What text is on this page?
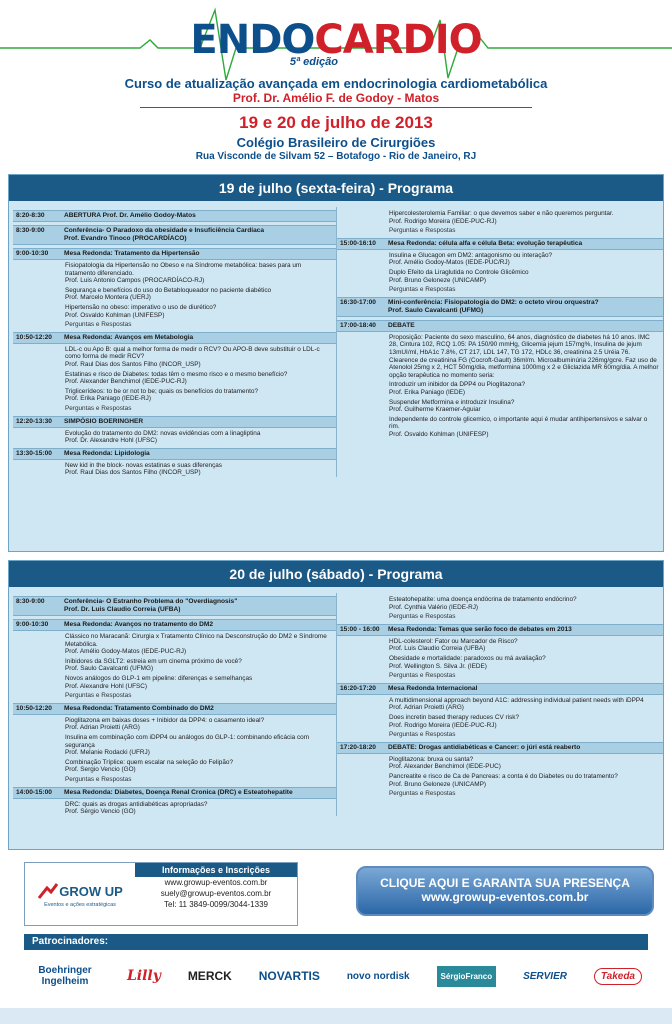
ENDOCARDIO
5ª edição
Curso de atualização avançada em endocrinologia cardiometabólica
Prof. Dr. Amélio F. de Godoy - Matos
19 e 20 de julho de 2013
Colégio Brasileiro de Cirurgiões
Rua Visconde de Silvam 52 – Botafogo - Rio de Janeiro, RJ
19 de julho (sexta-feira) - Programa
8:20-8:30	ABERTURA Prof. Dr. Amélio Godoy-Matos
8:30-9:00	Conferência- O Paradoxo da obesidade e Insuficiência Cardíaca
Prof. Evandro Tinoco (PROCARDÍACO)
9:00-10:30	Mesa Redonda: Tratamento da Hipertensão
Fisiopatologia da Hipertensão no Obeso e na Síndrome metabólica: bases para um tratamento diferenciado.
Prof. Luis Antonio Campos (PROCARDÍACO-RJ)
Segurança e benefícios do uso do Betabloqueador no paciente diabético
Prof. Marcelo Montera (UERJ)
Hipertensão no obeso: imperativo o uso de diurético?
Prof. Osvaldo Kohlman (UNIFESP)
Perguntas e Respostas
10:50-12:20	Mesa Redonda: Avanços em Metabologia
LDL-c ou Apo B: qual a melhor forma de medir o RCV? Ou APO-B deve substituir o LDL-c como forma de medir RCV?
Prof. Raul Dias dos Santos Filho (INCOR_USP)
Estatinas e risco de Diabetes: todas têm o mesmo risco e o mesmo benefício?
Prof. Alexander Benchimol (IEDE-PUC-RJ)
Triglicerídeos: to be or not to be; quais os benefícios do tratamento?
Prof. Erika Paniago (IEDE-RJ)
Perguntas e Respostas
12:20-13:30	SIMPÓSIO BOERINGHER
Evolução do tratamento do DM2: novas evidências com a linagliptina
Prof. Dr. Alexandre Hohl (UFSC)
13:30-15:00	Mesa Redonda: Lipidologia
New kid in the block- novas estatinas e suas diferenças
Prof. Raul Dias dos Santos Filho (INCOR_USP)
Hipercolesterolemia Familiar: o que devemos saber e não queremos perguntar.
Prof. Rodrigo Moreira (IEDE-PUC-RJ)
Perguntas e Respostas
15:00-16:10	Mesa Redonda: célula alfa e célula Beta: evolução terapêutica
Insulina e Glucagon em DM2: antagonismo ou interação?
Prof. Amélio Godoy-Matos (IEDE-PUC/RJ)
Duplo Efeito da Liraglutida no Controle Glicêmico
Prof. Bruno Geloneze (UNICAMP)
Perguntas e Respostas
16:30-17:00	Mini-conferência: Fisiopatologia do DM2: o octeto virou orquestra?
Prof. Saulo Cavalcanti (UFMG)
17:00-18:40	DEBATE
Proposição: Paciente do sexo masculino, 64 anos, diagnóstico de diabetes há 10 anos. IMC 28, Cintura 102, RCQ 1.05: PA 150/90 mmHg, Glicemia jejum 157mg%, Insulina de jejum 13mUI/ml, HbA1c 7.8%, CT 217, LDL 147, TG 172, HDLc 36, creatinina 2.5 Uréia 76. Clearence de creatinina FG (Cocroft-Gault) 36ml/m. Microalbuminúria 226mg/gcre. Faz uso de Atenolol 25mg x 2, HCT 50mg/dia, metformina 1000mg x 2 e Gliclazida MR 60mg/dia. A melhor opção terapêutica no momento seria:
Introduzir um inibidor da DPP4 ou Pioglitazona?
Prof. Erika Paniago (IEDE)
Suspender Metformina e introduzir Insulina?
Prof. Guilherme Kraemer-Aguiar
Independente do controle glicemico, o importante aqui é mudar antihipertensivos e salvar o rim.
Prof. Osvaldo Kohlman (UNIFESP)
20 de julho (sábado) - Programa
8:30-9:00	Conferência- O Estranho Problema do "Overdiagnosis"
Prof. Dr. Luis Claudio Correia (UFBA)
9:00-10:30	Mesa Redonda: Avanços no tratamento do DM2
Clássico no Maracanã: Cirurgia x Tratamento Clínico na Desconstrução do DM2 e Síndrome Metabólica.
Prof. Amélio Godoy-Matos (IEDE-PUC-RJ)
Inibidores da SGLT2: estreia em um cinema próximo de você?
Prof. Saulo Cavalcanti (UFMG)
Novos análogos do GLP-1 em pipeline: diferenças e semelhanças
Prof. Alexandre Hohl (UFSC)
Perguntas e Respostas
10:50-12:20	Mesa Redonda: Tratamento Combinado do DM2
Pioglitazona em baixas doses + Inibidor da DPP4: o casamento ideal?
Prof. Adrian Proietti (ARG)
Insulina em combinação com iDPP4 ou análogos do GLP-1: combinando eficácia com segurança
Prof. Melanie Rodacki (UFRJ)
Combinação Tríplice: quem escalar na seleção do Felipão?
Prof. Sergio Vencio (GO)
Perguntas e Respostas
14:00-15:00	Mesa Redonda: Diabetes, Doença Renal Cronica (DRC) e Esteatohepatite
DRC: quais as drogas antidiabéticas apropriadas?
Prof. Sérgio Vencio (GO)
Esteatohepatite: uma doença endócrina de tratamento endócrino?
Prof. Cynthia Valério (IEDE-RJ)
Perguntas e Respostas
15:00 - 16:00	Mesa Redonda: Temas que serão foco de debates em 2013
HDL-colesterol: Fator ou Marcador de Risco?
Prof. Luis Claudio Correia (UFBA)
Obesidade e mortalidade: paradoxos ou má avaliação?
Prof. Wellington S. Silva Jr. (IEDE)
Perguntas e Respostas
16:20-17:20	Mesa Redonda Internacional
A multidimensional approach beyond A1C: addressing individual patient needs with iDPP4
Prof. Adrian Proietti (ARG)
Does incretin based therapy reduces CV risk?
Prof. Rodrigo Moreira (IEDE-PUC-RJ)
Perguntas e Respostas
17:20-18:20	DEBATE: Drogas antidiabéticas e Cancer: o júri está reaberto
Pioglitazona: bruxa ou santa?
Prof. Alexander Benchimol (IEDE-PUC)
Pancreatite e risco de Ca de Pancreas: a conta é do Diabetes ou do tratamento?
Prof. Bruno Geloneze (UNICAMP)
Perguntas e Respostas
GROW UP
Eventos e ações estratégicas
Informações e Inscrições
www.growup-eventos.com.br
suely@growup-eventos.com.br
Tel: 11 3849-0099/3044-1339
CLIQUE AQUI E GARANTA SUA PRESENÇA
www.growup-eventos.com.br
Patrocinadores:
Boehringer Ingelheim	Lilly MERCK NOVARTIS	novo nordisk	SérgioFranco	SERVIER	Takeda
